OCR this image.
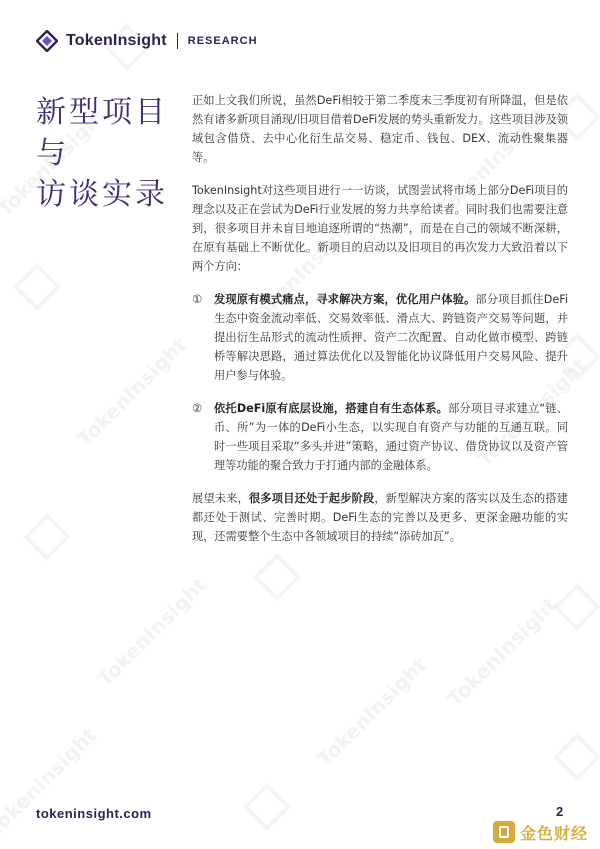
TokenInsight RESEARCH
新型项目
与
访谈实录

正如上文我们所说，虽然DeFi相较于第二季度末三季度初有所降温，但是依然有诸多新项目涌现/旧项目借着DeFi发展的势头重新发力。这些项目涉及领域包含借贷、去中心化衍生品交易、稳定币、钱包、DEX、流动性聚集器等。

TokenInsight对这些项目进行一一访谈，试图尝试将市场上部分DeFi项目的理念以及正在尝试为DeFi行业发展的努力共享给读者。同时我们也需要注意到，很多项目并未盲目地追逐所谓的“热潮”，而是在自己的领域不断深耕，在原有基础上不断优化。新项目的启动以及旧项目的再次发力大致沿着以下两个方向：

①	发现原有模式痛点，寻求解决方案，优化用户体验。部分项目抓住DeFi生态中资金流动率低、交易效率低、滑点大、跨链资产交易等问题，并提出衍生品形式的流动性质押、资产二次配置、自动化做市模型、跨链桥等解决思路，通过算法优化以及智能化协议降低用户交易风险、提升用户参与体验。
②	依托DeFi原有底层设施，搭建自有生态体系。部分项目寻求建立“链、币、所”为一体的DeFi小生态，以实现自有资产与功能的互通互联。同时一些项目采取“多头并进”策略，通过资产协议、借贷协议以及资产管理等功能的聚合致力于打通内部的金融体系。

展望未来，很多项目还处于起步阶段，新型解决方案的落实以及生态的搭建都还处于测试、完善时期。DeFi生态的完善以及更多、更深金融功能的实现，还需要整个生态中各领域项目的持续“添砖加瓦”。

tokeninsight.com	2
金色财经
